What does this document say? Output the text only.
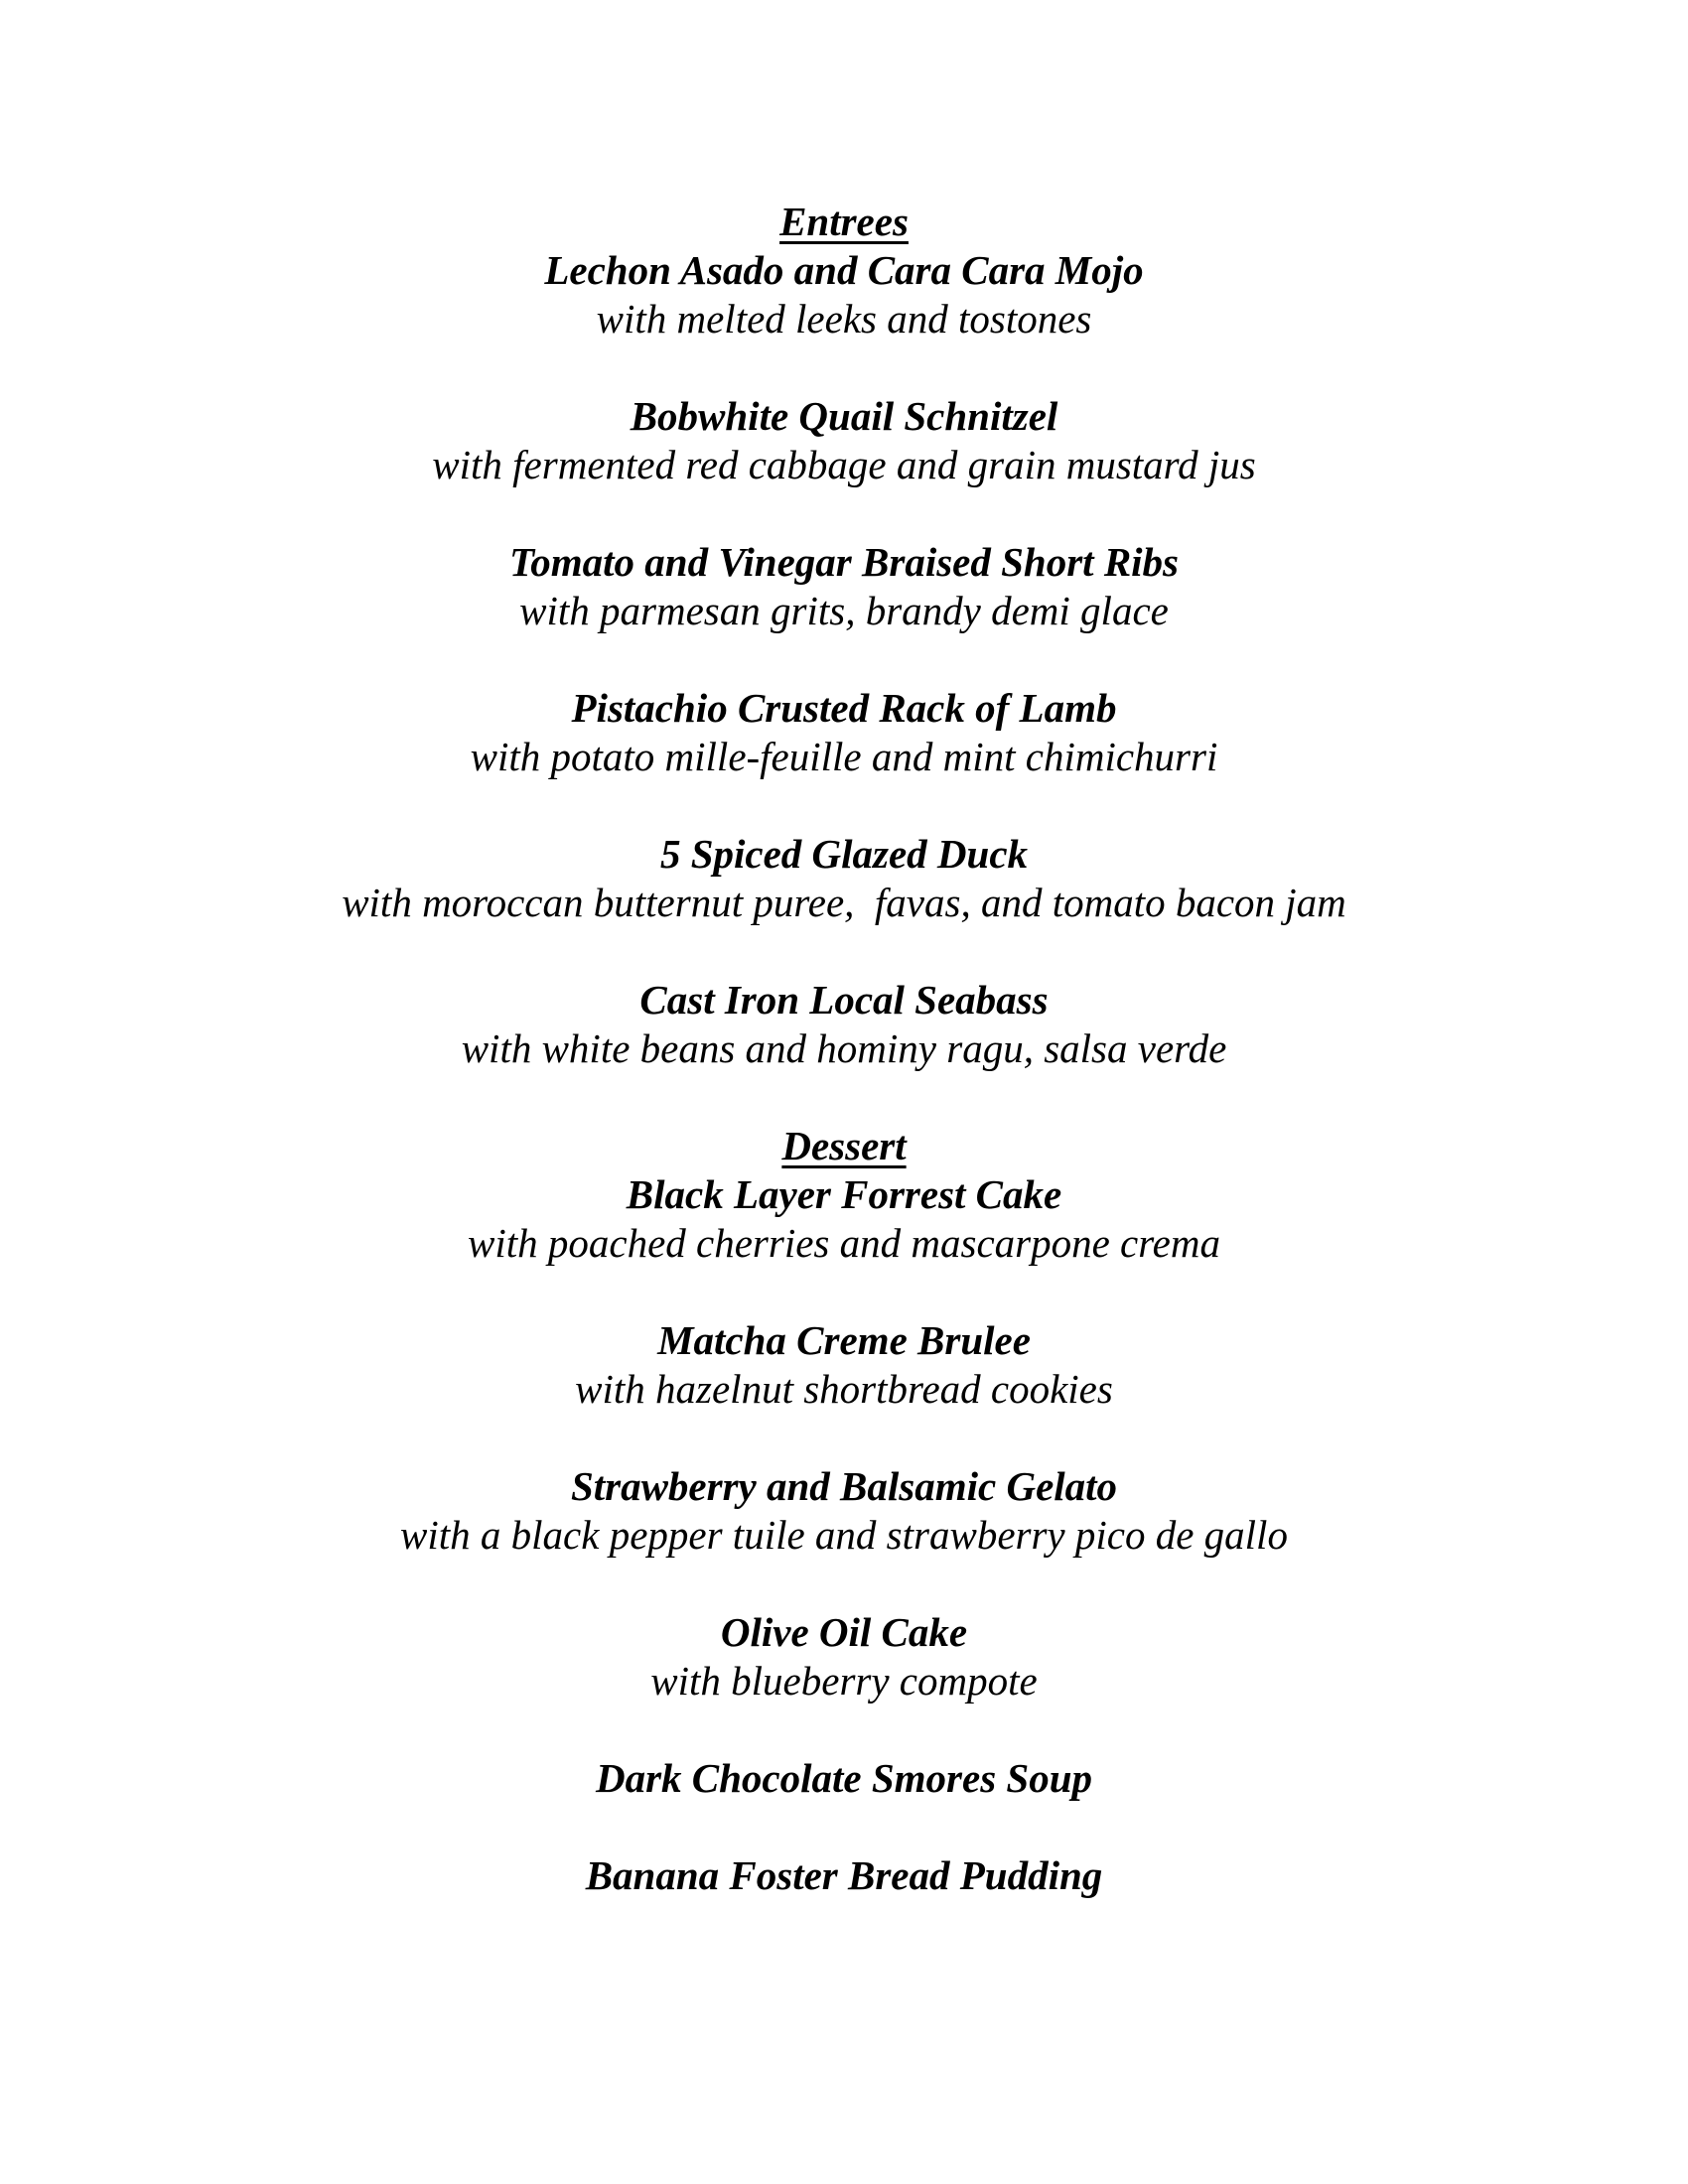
Entrees
Lechon Asado and Cara Cara Mojo
with melted leeks and tostones
Bobwhite Quail Schnitzel
with fermented red cabbage and grain mustard jus
Tomato and Vinegar Braised Short Ribs
with parmesan grits, brandy demi glace
Pistachio Crusted Rack of Lamb
with potato mille-feuille and mint chimichurri
5 Spiced Glazed Duck
with moroccan butternut puree,  favas, and tomato bacon jam
Cast Iron Local Seabass
with white beans and hominy ragu, salsa verde
Dessert
Black Layer Forrest Cake
with poached cherries and mascarpone crema
Matcha Creme Brulee
with hazelnut shortbread cookies
Strawberry and Balsamic Gelato
with a black pepper tuile and strawberry pico de gallo
Olive Oil Cake
with blueberry compote
Dark Chocolate Smores Soup
Banana Foster Bread Pudding
